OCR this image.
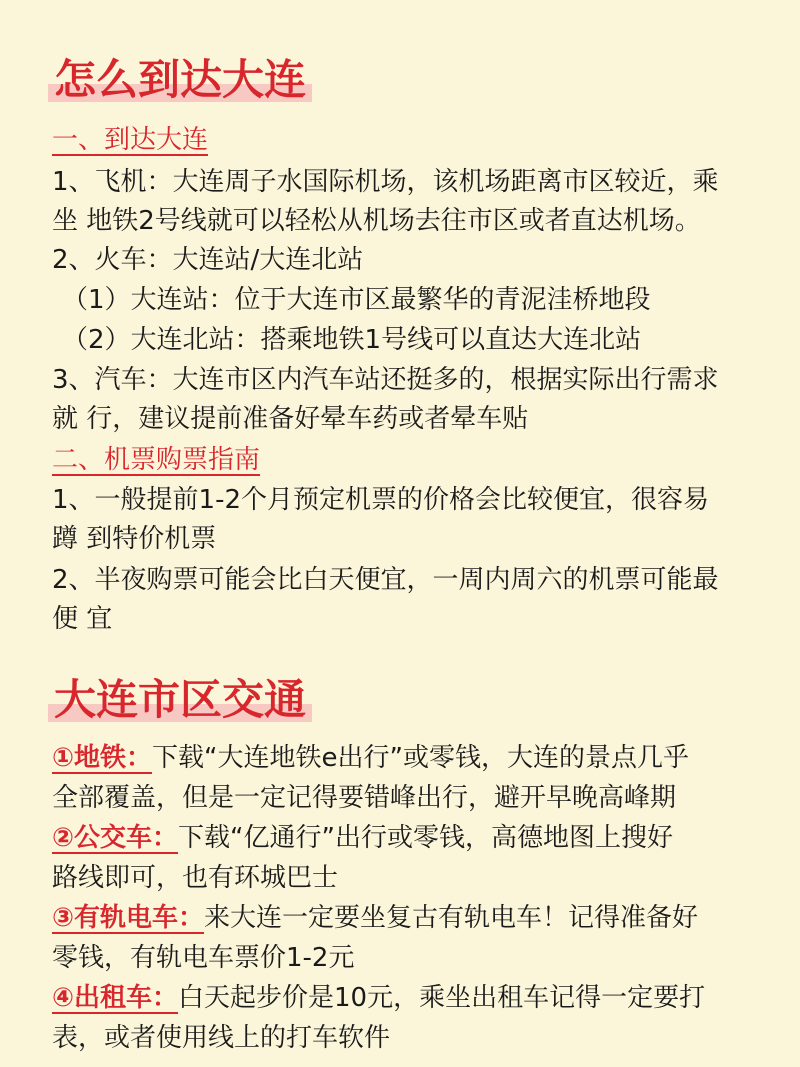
怎么到达大连
一、到达大连
1、飞机：大连周子水国际机场，该机场距离市区较近，乘
坐 地铁2号线就可以轻松从机场去往市区或者直达机场。
2、火车：大连站/大连北站
（1）大连站：位于大连市区最繁华的青泥洼桥地段
（2）大连北站：搭乘地铁1号线可以直达大连北站
3、汽车：大连市区内汽车站还挺多的，根据实际出行需求
就 行，建议提前准备好晕车药或者晕车贴
二、机票购票指南
1、一般提前1-2个月预定机票的价格会比较便宜，很容易
蹲 到特价机票
2、半夜购票可能会比白天便宜，一周内周六的机票可能最
便 宜
大连市区交通
①地铁：下载“大连地铁e出行”或零钱，大连的景点几乎
全部覆盖，但是一定记得要错峰出行，避开早晚高峰期
②公交车：下载“亿通行”出行或零钱，高德地图上搜好
路线即可，也有环城巴士
③有轨电车：来大连一定要坐复古有轨电车！记得准备好
零钱，有轨电车票价1-2元
④出租车：白天起步价是10元，乘坐出租车记得一定要打
表，或者使用线上的打车软件
